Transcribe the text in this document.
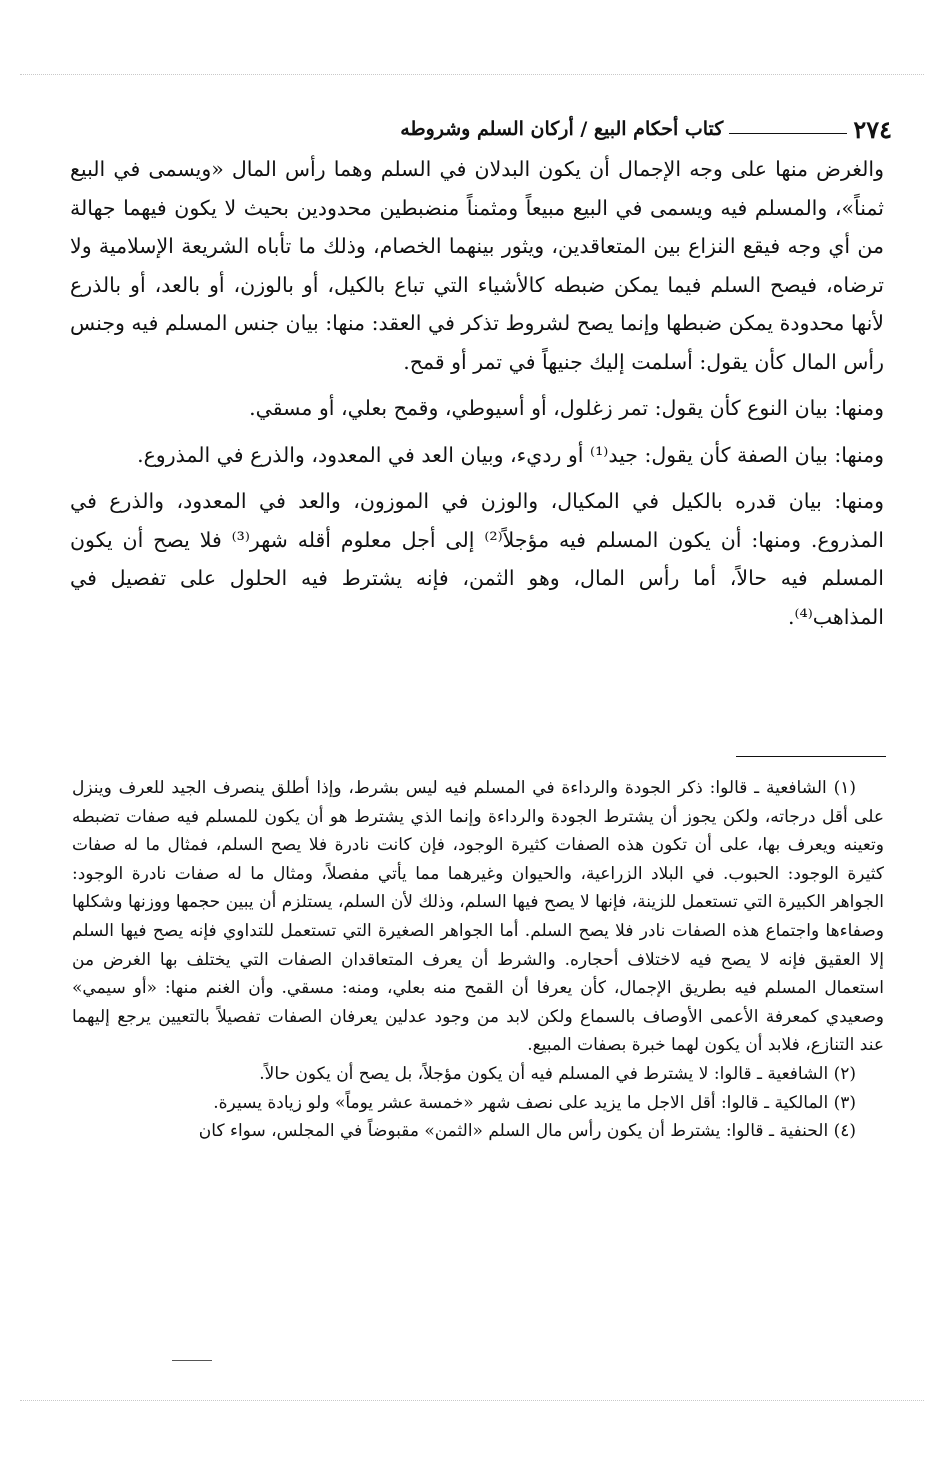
٢٧٤
كتاب أحكام البيع / أركان السلم وشروطه

والغرض منها على وجه الإجمال أن يكون البدلان في السلم وهما رأس المال «ويسمى في البيع ثمناً»، والمسلم فيه ويسمى في البيع مبيعاً ومثمناً منضبطين محدودين بحيث لا يكون فيهما جهالة من أي وجه فيقع النزاع بين المتعاقدين، ويثور بينهما الخصام، وذلك ما تأباه الشريعة الإسلامية ولا ترضاه، فيصح السلم فيما يمكن ضبطه كالأشياء التي تباع بالكيل، أو بالوزن، أو بالعد، أو بالذرع لأنها محدودة يمكن ضبطها وإنما يصح لشروط تذكر في العقد: منها: بيان جنس المسلم فيه وجنس رأس المال كأن يقول: أسلمت إليك جنيهاً في تمر أو قمح.

ومنها: بيان النوع كأن يقول: تمر زغلول، أو أسيوطي، وقمح بعلي، أو مسقي.

ومنها: بيان الصفة كأن يقول: جيد⁽¹⁾ أو رديء، وبيان العد في المعدود، والذرع في المذروع.

ومنها: بيان قدره بالكيل في المكيال، والوزن في الموزون، والعد في المعدود، والذرع في المذروع. ومنها: أن يكون المسلم فيه مؤجلاً⁽²⁾ إلى أجل معلوم أقله شهر⁽³⁾ فلا يصح أن يكون المسلم فيه حالاً، أما رأس المال، وهو الثمن، فإنه يشترط فيه الحلول على تفصيل في المذاهب⁽⁴⁾.

(١) الشافعية ـ قالوا: ذكر الجودة والرداءة في المسلم فيه ليس بشرط، وإذا أطلق ينصرف الجيد للعرف وينزل على أقل درجاته، ولكن يجوز أن يشترط الجودة والرداءة وإنما الذي يشترط هو أن يكون للمسلم فيه صفات تضبطه وتعينه ويعرف بها، على أن تكون هذه الصفات كثيرة الوجود، فإن كانت نادرة فلا يصح السلم، فمثال ما له صفات كثيرة الوجود: الحبوب. في البلاد الزراعية، والحيوان وغيرهما مما يأتي مفصلاً، ومثال ما له صفات نادرة الوجود: الجواهر الكبيرة التي تستعمل للزينة، فإنها لا يصح فيها السلم، وذلك لأن السلم، يستلزم أن يبين حجمها ووزنها وشكلها وصفاءها واجتماع هذه الصفات نادر فلا يصح السلم. أما الجواهر الصغيرة التي تستعمل للتداوي فإنه يصح فيها السلم إلا العقيق فإنه لا يصح فيه لاختلاف أحجاره. والشرط أن يعرف المتعاقدان الصفات التي يختلف بها الغرض من استعمال المسلم فيه بطريق الإجمال، كأن يعرفا أن القمح منه بعلي، ومنه: مسقي. وأن الغنم منها: «أو سيمي» وصعيدي كمعرفة الأعمى الأوصاف بالسماع ولكن لابد من وجود عدلين يعرفان الصفات تفصيلاً بالتعيين يرجع إليهما عند التنازع، فلابد أن يكون لهما خبرة بصفات المبيع.

(٢) الشافعية ـ قالوا: لا يشترط في المسلم فيه أن يكون مؤجلاً، بل يصح أن يكون حالاً.

(٣) المالكية ـ قالوا: أقل الاجل ما يزيد على نصف شهر «خمسة عشر يوماً» ولو زيادة يسيرة.

(٤) الحنفية ـ قالوا: يشترط أن يكون رأس مال السلم «الثمن» مقبوضاً في المجلس، سواء كان
